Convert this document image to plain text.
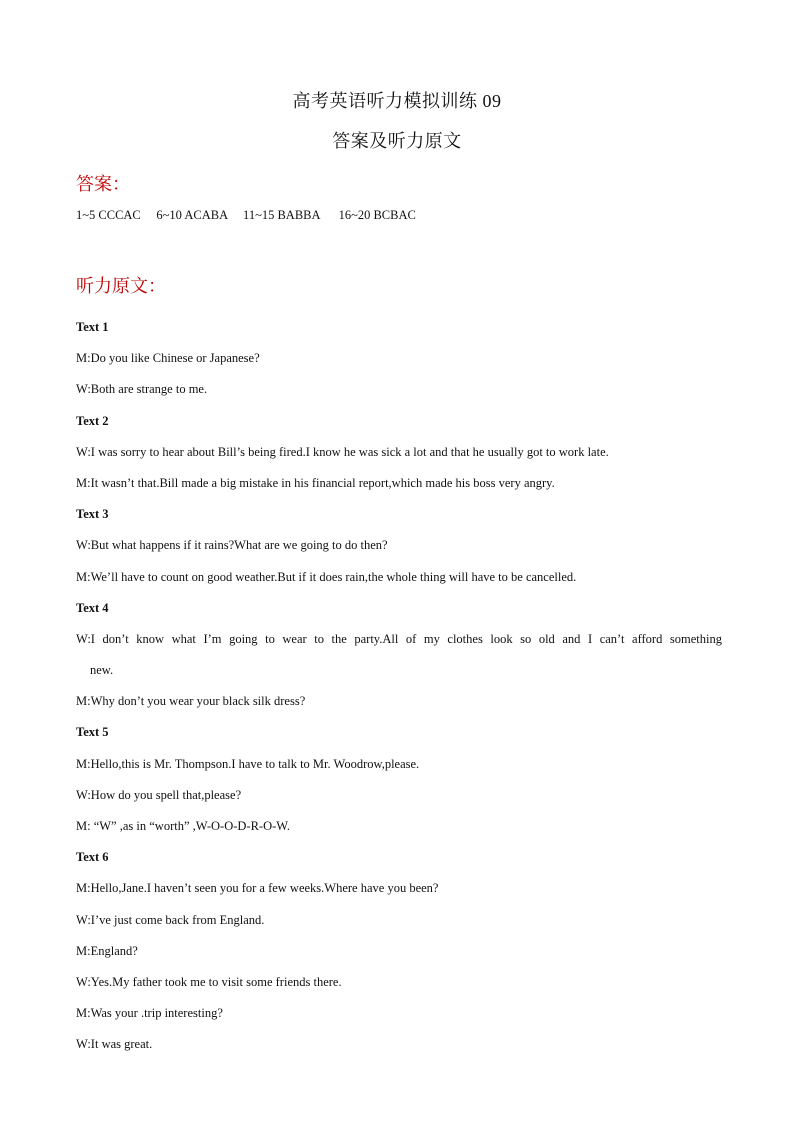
高考英语听力模拟训练 09
答案及听力原文
答案：
1~5 CCCAC     6~10 ACABA     11~15 BABBA      16~20 BCBAC
听力原文：
Text 1
M:Do you like Chinese or Japanese?
W:Both are strange to me.
Text 2
W:I was sorry to hear about Bill’s being fired.I know he was sick a lot and that he usually got to work late.
M:It wasn’t that.Bill made a big mistake in his financial report,which made his boss very angry.
Text 3
W:But what happens if it rains?What are we going to do then?
M:We’ll have to count on good weather.But if it does rain,the whole thing will have to be cancelled.
Text 4
W:I don’t know what I’m going to wear to the party.All of my clothes look so old and I can’t afford something
new.
M:Why don’t you wear your black silk dress?
Text 5
M:Hello,this is Mr. Thompson.I have to talk to Mr. Woodrow,please.
W:How do you spell that,please?
M: “W” ,as in “worth” ,W-O-O-D-R-O-W.
Text 6
M:Hello,Jane.I haven’t seen you for a few weeks.Where have you been?
W:I’ve just come back from England.
M:England?
W:Yes.My father took me to visit some friends there.
M:Was your .trip interesting?
W:It was great.
